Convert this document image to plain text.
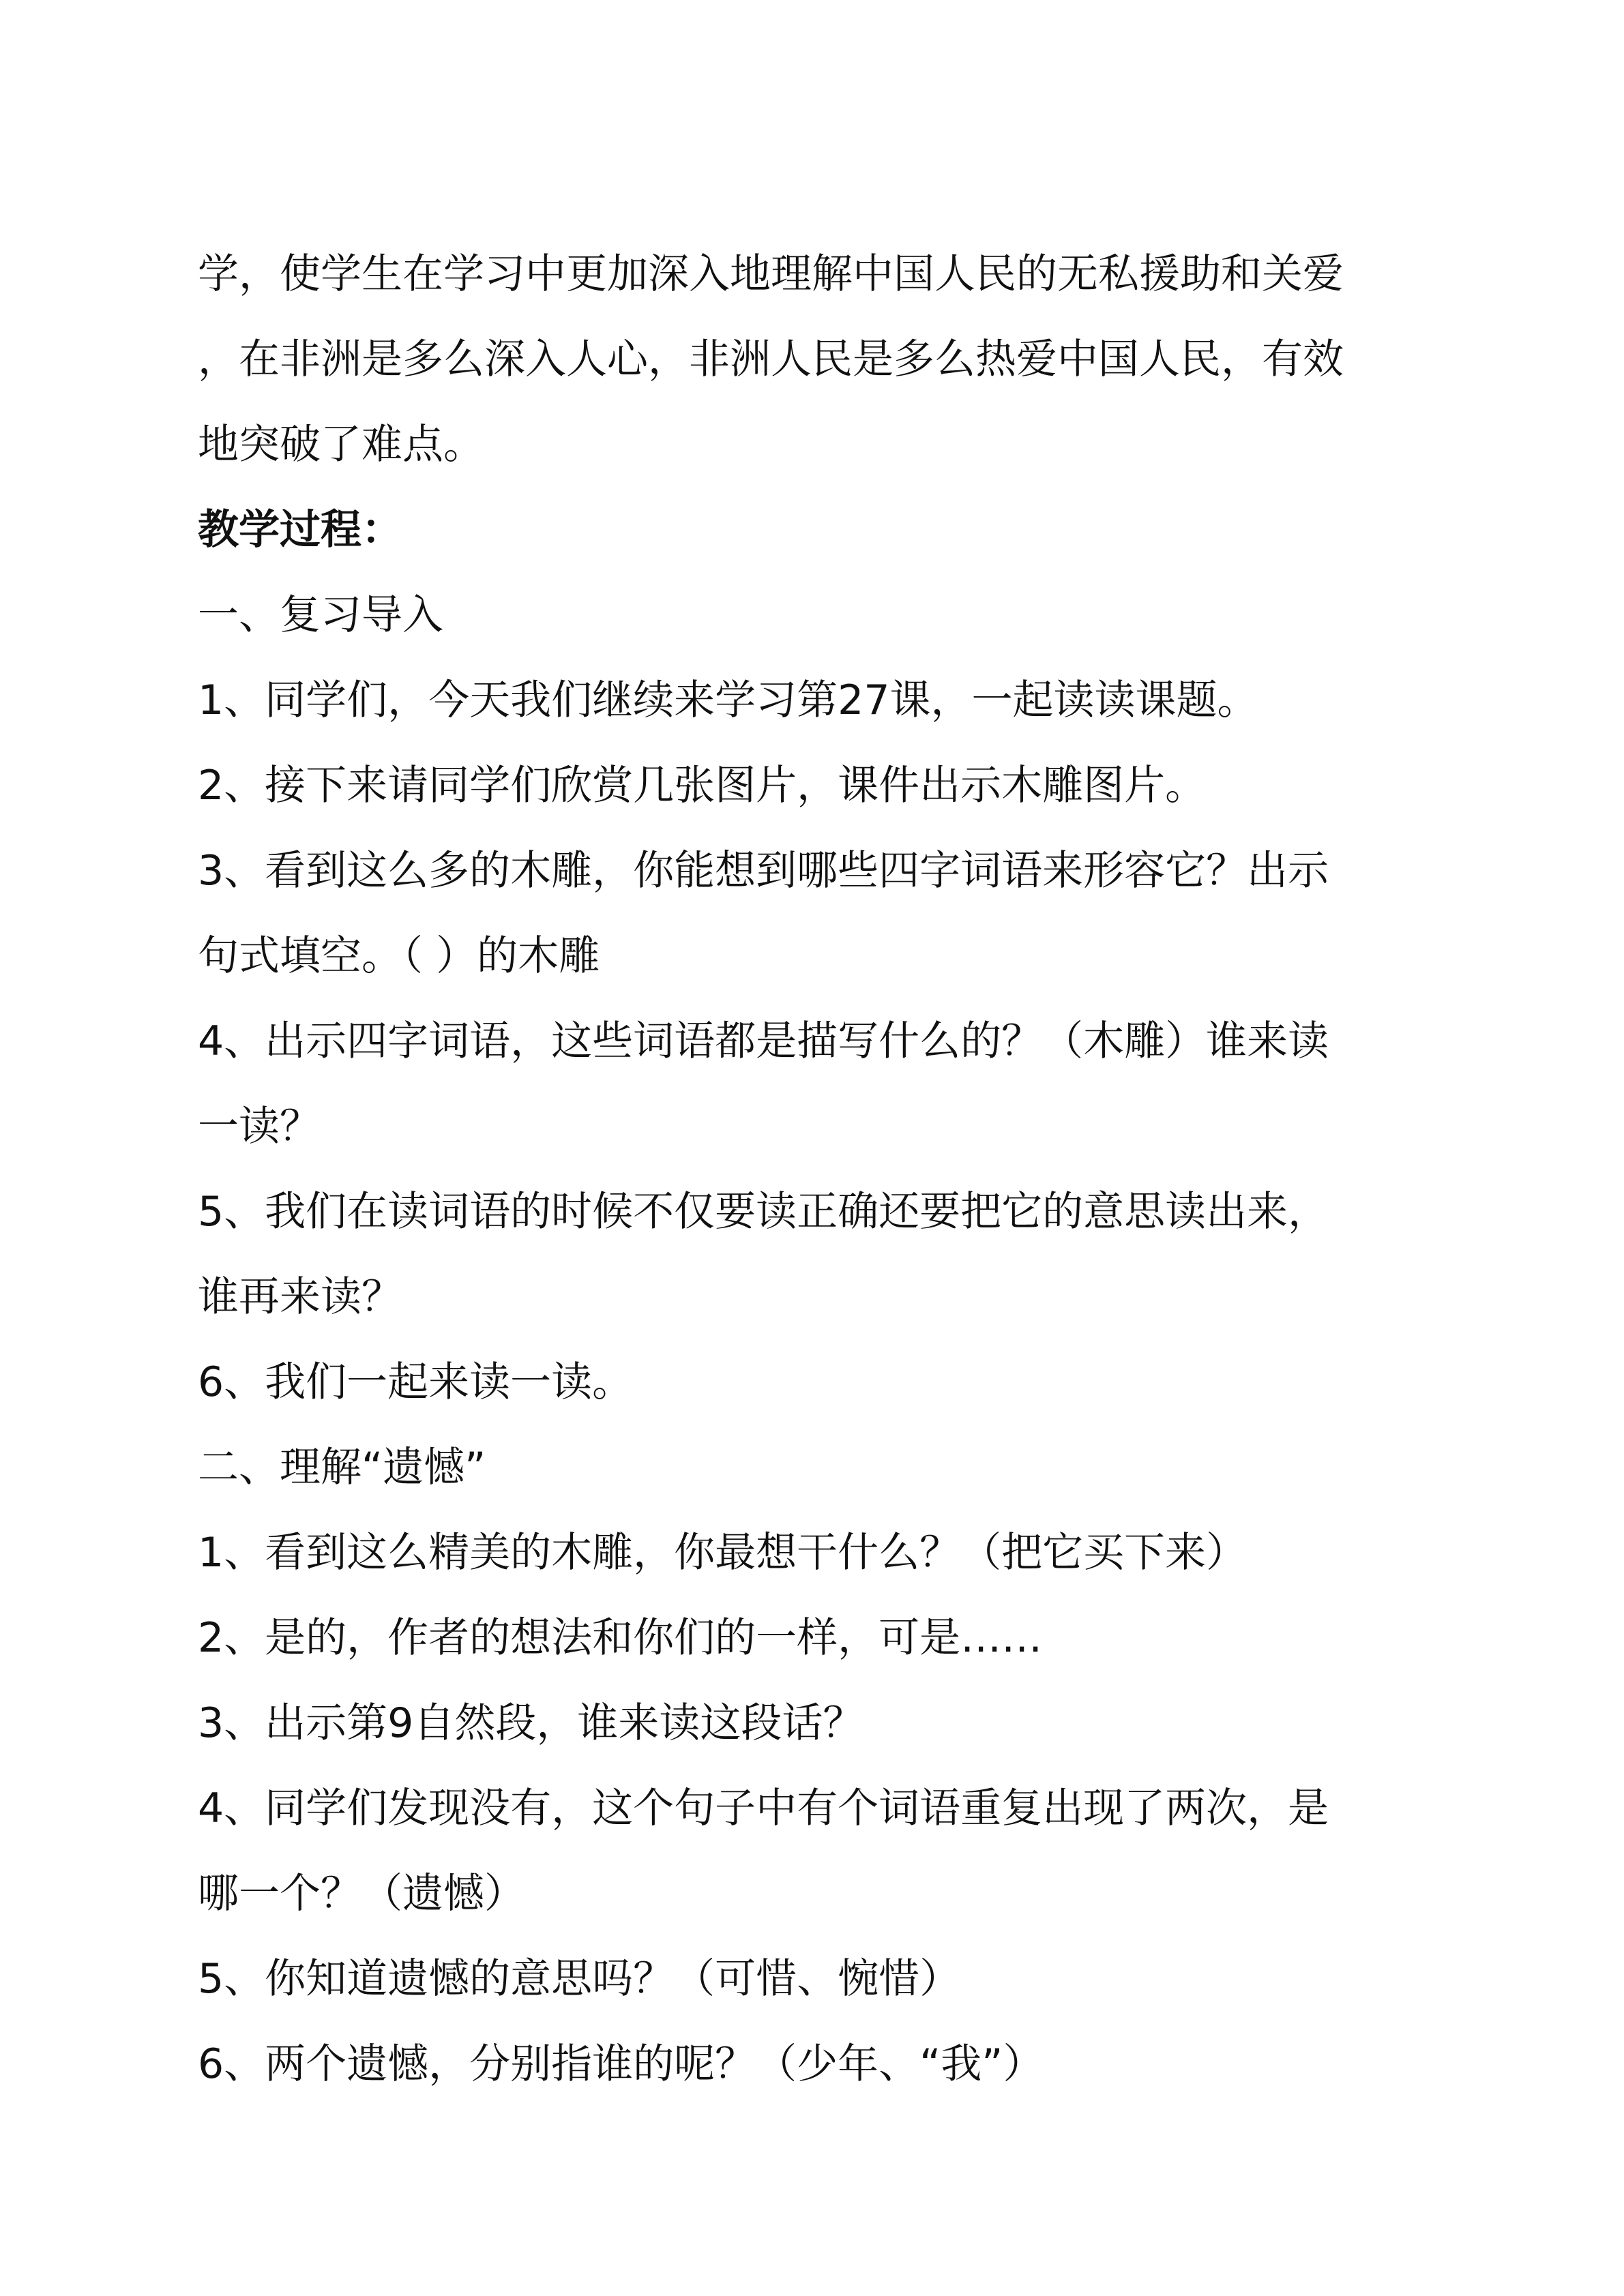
学，使学生在学习中更加深入地理解中国人民的无私援助和关爱
，在非洲是多么深入人心，非洲人民是多么热爱中国人民，有效
地突破了难点。
教学过程：
一、复习导入
1、同学们，今天我们继续来学习第27课，一起读读课题。
2、接下来请同学们欣赏几张图片，课件出示木雕图片。
3、看到这么多的木雕，你能想到哪些四字词语来形容它？出示
句式填空。（ ）的木雕
4、出示四字词语，这些词语都是描写什么的？（木雕）谁来读
一读？
5、我们在读词语的时候不仅要读正确还要把它的意思读出来，
谁再来读？
6、我们一起来读一读。
二、理解“遗憾”
1、看到这么精美的木雕，你最想干什么？（把它买下来）
2、是的，作者的想法和你们的一样，可是……
3、出示第9自然段，谁来读这段话？
4、同学们发现没有，这个句子中有个词语重复出现了两次，是
哪一个？（遗憾）
5、你知道遗憾的意思吗？（可惜、惋惜）
6、两个遗憾，分别指谁的呢？（少年、“我”）
